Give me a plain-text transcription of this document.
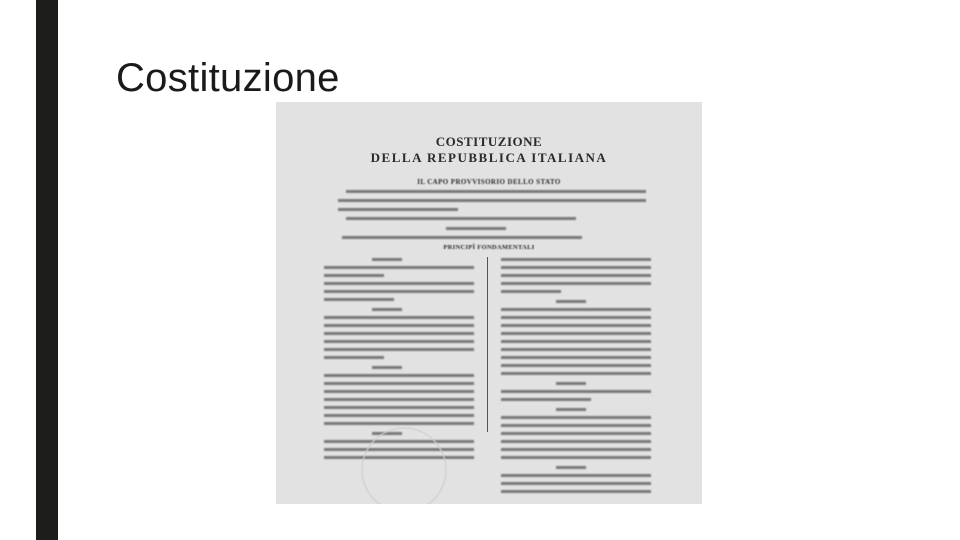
Costituzione
COSTITUZIONE
DELLA REPUBBLICA ITALIANA
IL CAPO PROVVISORIO DELLO STATO
PRINCIPÎ FONDAMENTALI
